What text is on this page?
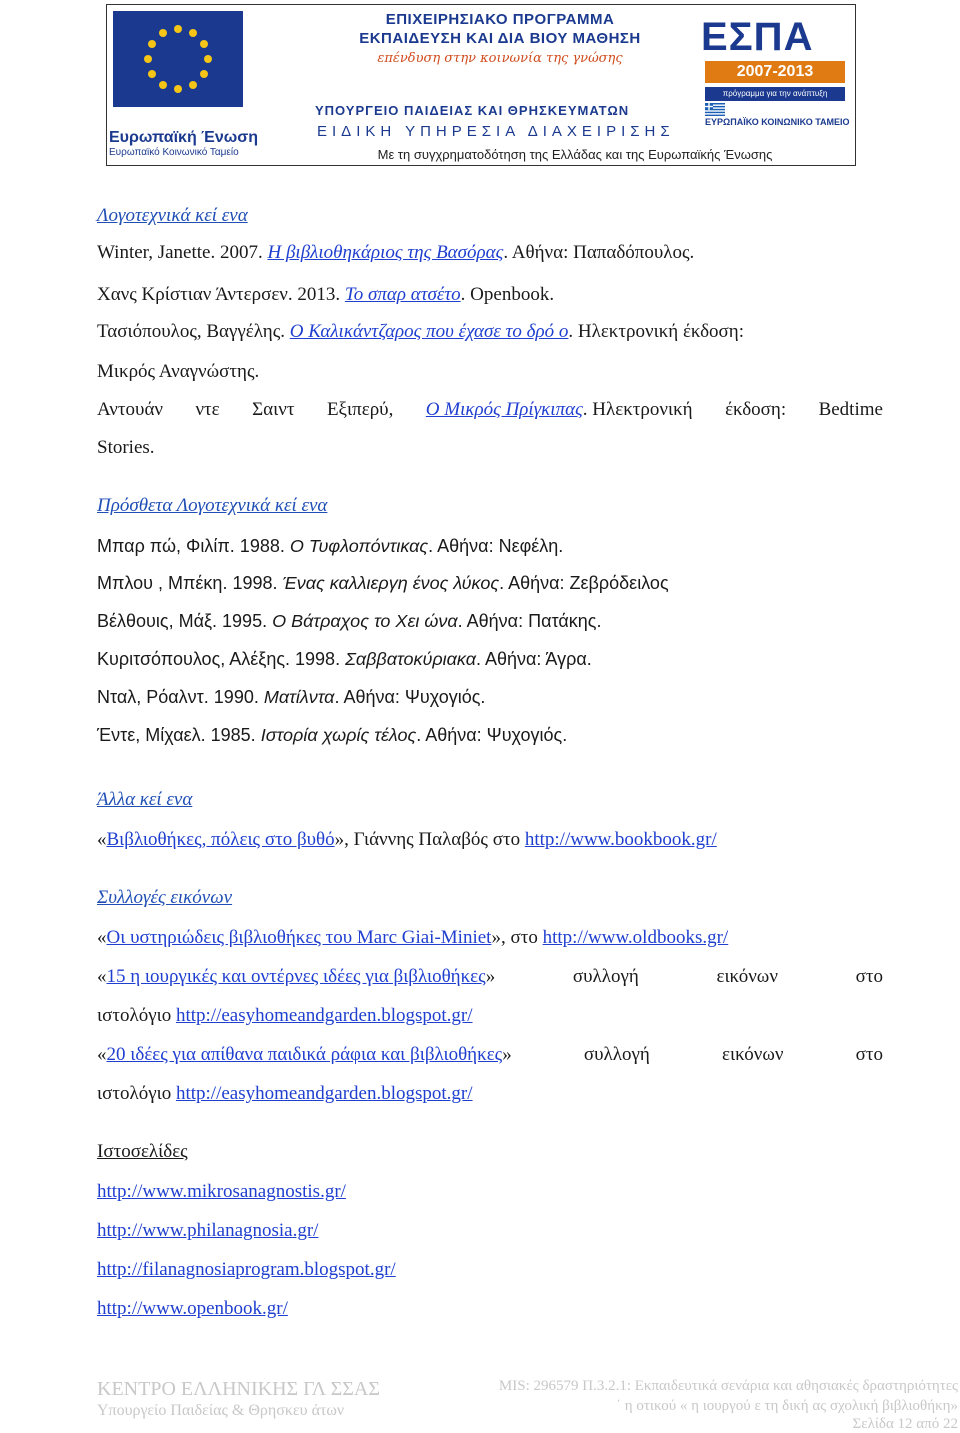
Ευρωπαϊκή Ένωση
Ευρωπαϊκό Κοινωνικό Ταμείο
ΕΠΙΧΕΙΡΗΣΙΑΚΟ ΠΡΟΓΡΑΜΜΑ
ΕΚΠΑΙΔΕΥΣΗ ΚΑΙ ΔΙΑ ΒΙΟΥ ΜΑΘΗΣΗ
επένδυση στην κοινωνία της γνώσης
ΥΠΟΥΡΓΕΙΟ ΠΑΙΔΕΙΑΣ ΚΑΙ ΘΡΗΣΚΕΥΜΑΤΩΝ
ΕΙΔΙΚΗ ΥΠΗΡΕΣΙΑ ΔΙΑΧΕΙΡΙΣΗΣ
Με τη συγχρηματοδότηση της Ελλάδας και της Ευρωπαϊκής Ένωσης
ΕΣΠΑ
2007-2013
πρόγραμμα για την ανάπτυξη
ΕΥΡΩΠΑΪΚΟ ΚΟΙΝΩΝΙΚΟ ΤΑΜΕΙΟ
Λογοτεχνικά κεί ενα
Winter, Janette. 2007. Η βιβλιοθηκάριος της Βασόρας. Αθήνα: Παπαδόπουλος.
Χανς Κρίστιαν Άντερσεν. 2013. Το σπαρ ατσέτο. Openbook.
Τασιόπουλος, Βαγγέλης. Ο Καλικάντζαρος που έχασε το δρό ο. Ηλεκτρονική έκδοση:
Μικρός Αναγνώστης.
Αντουάν ντε Σαιντ Εξιπερύ, Ο Μικρός Πρίγκιπας. Ηλεκτρονική έκδοση: Bedtime
Stories.
Πρόσθετα Λογοτεχνικά κεί ενα
Μπαρ πώ, Φιλίπ. 1988. Ο Τυφλοπόντικας. Αθήνα: Νεφέλη.
Μπλου , Μπέκη. 1998. Ένας καλλιεργη ένος λύκος. Αθήνα: Ζεβρόδειλος
Βέλθουις, Μάξ. 1995. Ο Βάτραχος το Χει ώνα. Αθήνα: Πατάκης.
Κυριτσόπουλος, Αλέξης. 1998. Σαββατοκύριακα. Αθήνα: Άγρα.
Νταλ, Ρόαλντ. 1990. Ματίλντα. Αθήνα: Ψυχογιός.
Έντε, Μίχαελ. 1985. Ιστορία χωρίς τέλος. Αθήνα: Ψυχογιός.
Άλλα κεί ενα
«Βιβλιοθήκες, πόλεις στο βυθό», Γιάννης Παλαβός στο http://www.bookbook.gr/
Συλλογές εικόνων
«Οι υστηριώδεις βιβλιοθήκες του Marc Giai-Miniet», στο http://www.oldbooks.gr/
«15 η ιουργικές και οντέρνες ιδέες για βιβλιοθήκες»	συλλογή	εικόνων	στο
ιστολόγιο http://easyhomeandgarden.blogspot.gr/
«20 ιδέες για απίθανα παιδικά ράφια και βιβλιοθήκες»	συλλογή	εικόνων	στο
ιστολόγιο http://easyhomeandgarden.blogspot.gr/
Ιστοσελίδες
http://www.mikrosanagnostis.gr/
http://www.philanagnosia.gr/
http://filanagnosiaprogram.blogspot.gr/
http://www.openbook.gr/
ΚΕΝΤΡΟ ΕΛΛΗΝΙΚΗΣ ΓΛ ΣΣΑΣ
Υπουργείο Παιδείας & Θρησκευ άτων
MIS: 296579 Π.3.2.1: Εκπαιδευτικά σενάρια και αθησιακές δραστηριότητες
΄ η οτικού « η ιουργού ε τη δική ας σχολική βιβλιοθήκη»
Σελίδα 12 από 22
